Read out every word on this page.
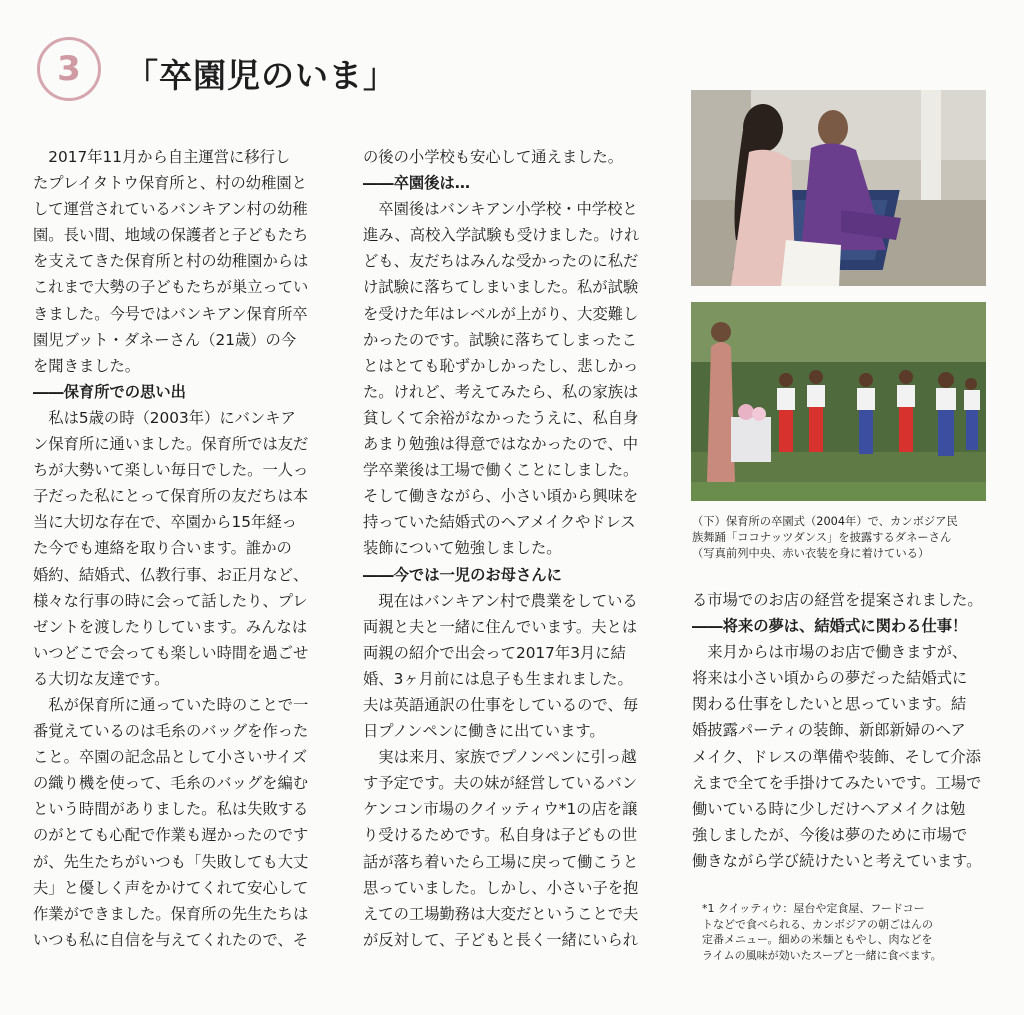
3 「卒園児のいま」
2017年11月から自主運営に移行し
たプレイタトウ保育所と、村の幼稚園と
して運営されているバンキアン村の幼稚
園。長い間、地域の保護者と子どもたち
を支えてきた保育所と村の幼稚園からは
これまで大勢の子どもたちが巣立ってい
きました。今号ではバンキアン保育所卒
園児ブット・ダネーさん（21歳）の今
を聞きました。
――保育所での思い出
私は5歳の時（2003年）にバンキア
ン保育所に通いました。保育所では友だ
ちが大勢いて楽しい毎日でした。一人っ
子だった私にとって保育所の友だちは本
当に大切な存在で、卒園から15年経っ
た今でも連絡を取り合います。誰かの
婚約、結婚式、仏教行事、お正月など、
様々な行事の時に会って話したり、プレ
ゼントを渡したりしています。みんなは
いつどこで会っても楽しい時間を過ごせ
る大切な友達です。
私が保育所に通っていた時のことで一
番覚えているのは毛糸のバッグを作った
こと。卒園の記念品として小さいサイズ
の織り機を使って、毛糸のバッグを編む
という時間がありました。私は失敗する
のがとても心配で作業も遅かったのです
が、先生たちがいつも「失敗しても大丈
夫」と優しく声をかけてくれて安心して
作業ができました。保育所の先生たちは
いつも私に自信を与えてくれたので、そ
の後の小学校も安心して通えました。
――卒園後は…
卒園後はバンキアン小学校・中学校と
進み、高校入学試験も受けました。けれ
ども、友だちはみんな受かったのに私だ
け試験に落ちてしまいました。私が試験
を受けた年はレベルが上がり、大変難し
かったのです。試験に落ちてしまったこ
とはとても恥ずかしかったし、悲しかっ
た。けれど、考えてみたら、私の家族は
貧しくて余裕がなかったうえに、私自身
あまり勉強は得意ではなかったので、中
学卒業後は工場で働くことにしました。
そして働きながら、小さい頃から興味を
持っていた結婚式のヘアメイクやドレス
装飾について勉強しました。
――今では一児のお母さんに
現在はバンキアン村で農業をしている
両親と夫と一緒に住んでいます。夫とは
両親の紹介で出会って2017年3月に結
婚、3ヶ月前には息子も生まれました。
夫は英語通訳の仕事をしているので、毎
日プノンペンに働きに出ています。
実は来月、家族でプノンペンに引っ越
す予定です。夫の妹が経営しているバン
ケンコン市場のクイッティウ*1の店を譲
り受けるためです。私自身は子どもの世
話が落ち着いたら工場に戻って働こうと
思っていました。しかし、小さい子を抱
えての工場勤務は大変だということで夫
が反対して、子どもと長く一緒にいられ
る市場でのお店の経営を提案されました。
――将来の夢は、結婚式に関わる仕事！
来月からは市場のお店で働きますが、
将来は小さい頃からの夢だった結婚式に
関わる仕事をしたいと思っています。結
婚披露パーティの装飾、新郎新婦のヘア
メイク、ドレスの準備や装飾、そして介添
えまで全てを手掛けてみたいです。工場で
働いている時に少しだけヘアメイクは勉
強しましたが、今後は夢のために市場で
働きながら学び続けたいと考えています。
（下）保育所の卒園式（2004年）で、カンボジア民
族舞踊「ココナッツダンス」を披露するダネーさん
（写真前列中央、赤い衣装を身に着けている）
*1 クイッティウ：屋台や定食屋、フードコー
トなどで食べられる、カンボジアの朝ごはんの
定番メニュー。細めの米麺ともやし、肉などを
ライムの風味が効いたスープと一緒に食べます。
